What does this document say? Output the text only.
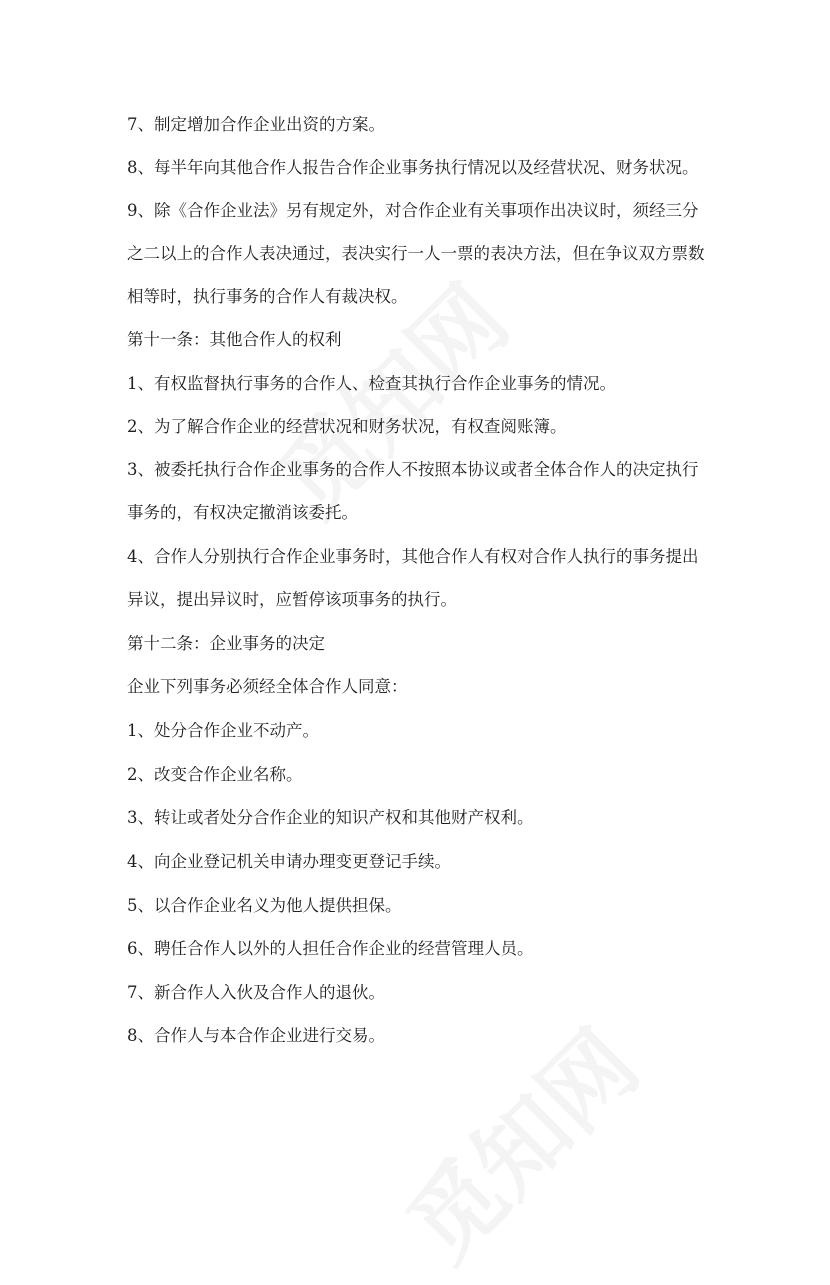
7、制定增加合作企业出资的方案。
8、每半年向其他合作人报告合作企业事务执行情况以及经营状况、财务状况。
9、除《合作企业法》另有规定外，对合作企业有关事项作出决议时，须经三分
之二以上的合作人表决通过，表决实行一人一票的表决方法，但在争议双方票数
相等时，执行事务的合作人有裁决权。
第十一条：其他合作人的权利
1、有权监督执行事务的合作人、检查其执行合作企业事务的情况。
2、为了解合作企业的经营状况和财务状况，有权查阅账簿。
3、被委托执行合作企业事务的合作人不按照本协议或者全体合作人的决定执行
事务的，有权决定撤消该委托。
4、合作人分别执行合作企业事务时，其他合作人有权对合作人执行的事务提出
异议，提出异议时，应暂停该项事务的执行。
第十二条：企业事务的决定
企业下列事务必须经全体合作人同意：
1、处分合作企业不动产。
2、改变合作企业名称。
3、转让或者处分合作企业的知识产权和其他财产权利。
4、向企业登记机关申请办理变更登记手续。
5、以合作企业名义为他人提供担保。
6、聘任合作人以外的人担任合作企业的经营管理人员。
7、新合作人入伙及合作人的退伙。
8、合作人与本合作企业进行交易。
